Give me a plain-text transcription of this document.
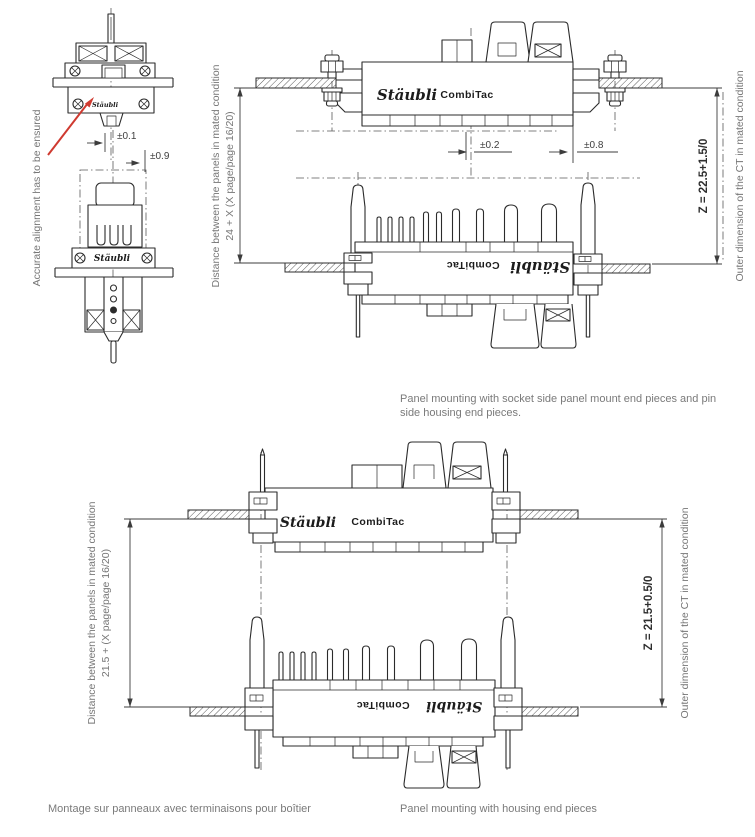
Accurate alignment has to be ensured
Stäubli
±0.1
±0.9
Stäubli
Stäubli CombiTac
Stäubli
CombiTac
±0.2	±0.8
Distance between the panels in mated condition 24 + X (X page/page 16/20)	Z = 22.5+1.5/0 Outer dimension of the CT in mated condition
Panel mounting with socket side panel mount end pieces and pin
side housing end pieces.
Stäubli CombiTac
Stäubli
CombiTac
Distance between the panels in mated condition 21.5 + (X page/page 16/20)	Z = 21.5+0.5/0 Outer dimension of the CT in mated condition
Montage sur panneaux avec terminaisons pour boîtier	Panel mounting with housing end pieces
